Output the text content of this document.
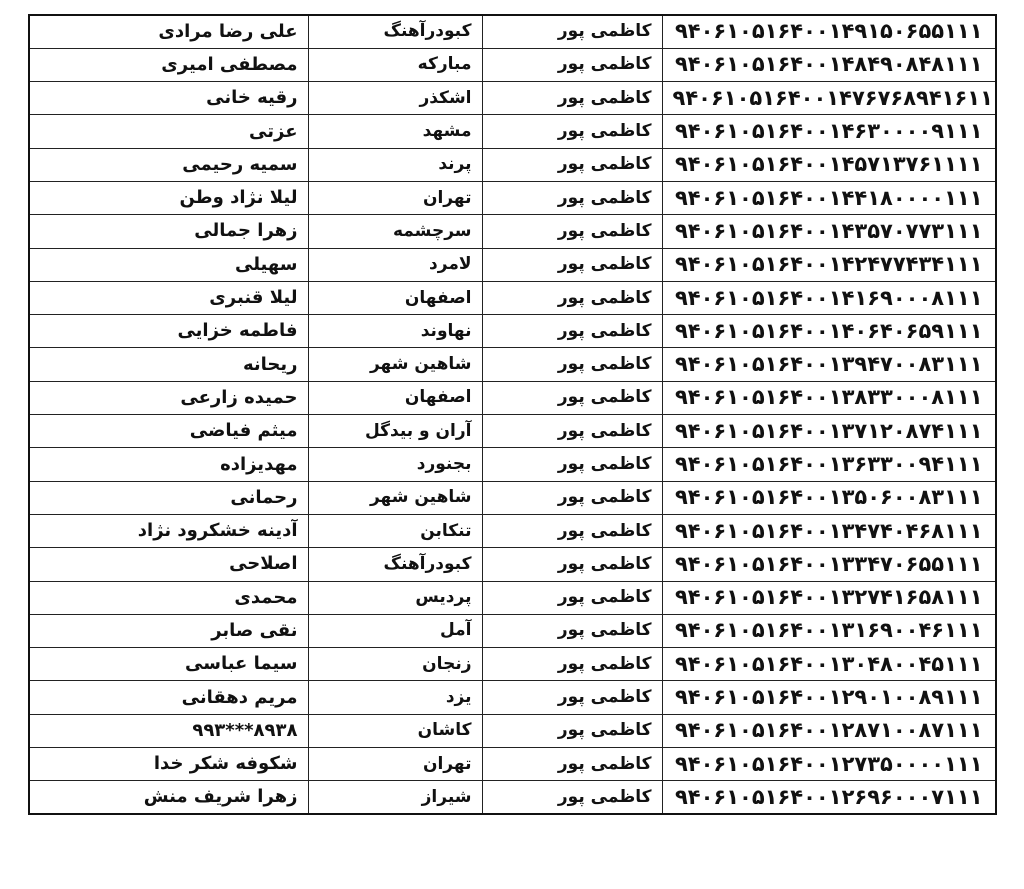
علی رضا مرادی	کبودرآهنگ	کاظمی پور	۹۴۰۶۱۰۵۱۶۴۰۰۱۴۹۱۵۰۶۵۵۱۱۱
مصطفی امیری	مبارکه	کاظمی پور	۹۴۰۶۱۰۵۱۶۴۰۰۱۴۸۴۹۰۸۴۸۱۱۱
رقیه خانی	اشکذر	کاظمی پور	۹۴۰۶۱۰۵۱۶۴۰۰۱۴۷۶۷۶۸۹۴۱۶۱۱
عزتی	مشهد	کاظمی پور	۹۴۰۶۱۰۵۱۶۴۰۰۱۴۶۳۰۰۰۰۹۱۱۱
سمیه رحیمی	پرند	کاظمی پور	۹۴۰۶۱۰۵۱۶۴۰۰۱۴۵۷۱۳۷۶۱۱۱۱
لیلا نژاد وطن	تهران	کاظمی پور	۹۴۰۶۱۰۵۱۶۴۰۰۱۴۴۱۸۰۰۰۰۱۱۱
زهرا جمالی	سرچشمه	کاظمی پور	۹۴۰۶۱۰۵۱۶۴۰۰۱۴۳۵۷۰۷۷۳۱۱۱
سهیلی	لامرد	کاظمی پور	۹۴۰۶۱۰۵۱۶۴۰۰۱۴۲۴۷۷۴۳۴۱۱۱
لیلا قنبری	اصفهان	کاظمی پور	۹۴۰۶۱۰۵۱۶۴۰۰۱۴۱۶۹۰۰۰۸۱۱۱
فاطمه خزایی	نهاوند	کاظمی پور	۹۴۰۶۱۰۵۱۶۴۰۰۱۴۰۶۴۰۶۵۹۱۱۱
ریحانه	شاهین شهر	کاظمی پور	۹۴۰۶۱۰۵۱۶۴۰۰۱۳۹۴۷۰۰۸۳۱۱۱
حمیده زارعی	اصفهان	کاظمی پور	۹۴۰۶۱۰۵۱۶۴۰۰۱۳۸۳۳۰۰۰۸۱۱۱
میثم فیاضی	آران و بیدگل	کاظمی پور	۹۴۰۶۱۰۵۱۶۴۰۰۱۳۷۱۲۰۸۷۴۱۱۱
مهدیزاده	بجنورد	کاظمی پور	۹۴۰۶۱۰۵۱۶۴۰۰۱۳۶۳۳۰۰۹۴۱۱۱
رحمانی	شاهین شهر	کاظمی پور	۹۴۰۶۱۰۵۱۶۴۰۰۱۳۵۰۶۰۰۸۳۱۱۱
آدینه خشکرود نژاد	تنکابن	کاظمی پور	۹۴۰۶۱۰۵۱۶۴۰۰۱۳۴۷۴۰۴۶۸۱۱۱
اصلاحی	کبودرآهنگ	کاظمی پور	۹۴۰۶۱۰۵۱۶۴۰۰۱۳۳۴۷۰۶۵۵۱۱۱
محمدی	پردیس	کاظمی پور	۹۴۰۶۱۰۵۱۶۴۰۰۱۳۲۷۴۱۶۵۸۱۱۱
نقی صابر	آمل	کاظمی پور	۹۴۰۶۱۰۵۱۶۴۰۰۱۳۱۶۹۰۰۴۶۱۱۱
سیما عباسی	زنجان	کاظمی پور	۹۴۰۶۱۰۵۱۶۴۰۰۱۳۰۴۸۰۰۴۵۱۱۱
مریم دهقانی	یزد	کاظمی پور	۹۴۰۶۱۰۵۱۶۴۰۰۱۲۹۰۱۰۰۸۹۱۱۱
۸۹۳۸***۹۹۳	کاشان	کاظمی پور	۹۴۰۶۱۰۵۱۶۴۰۰۱۲۸۷۱۰۰۸۷۱۱۱
شکوفه شکر خدا	تهران	کاظمی پور	۹۴۰۶۱۰۵۱۶۴۰۰۱۲۷۳۵۰۰۰۰۱۱۱
زهرا شریف منش	شیراز	کاظمی پور	۹۴۰۶۱۰۵۱۶۴۰۰۱۲۶۹۶۰۰۰۷۱۱۱
